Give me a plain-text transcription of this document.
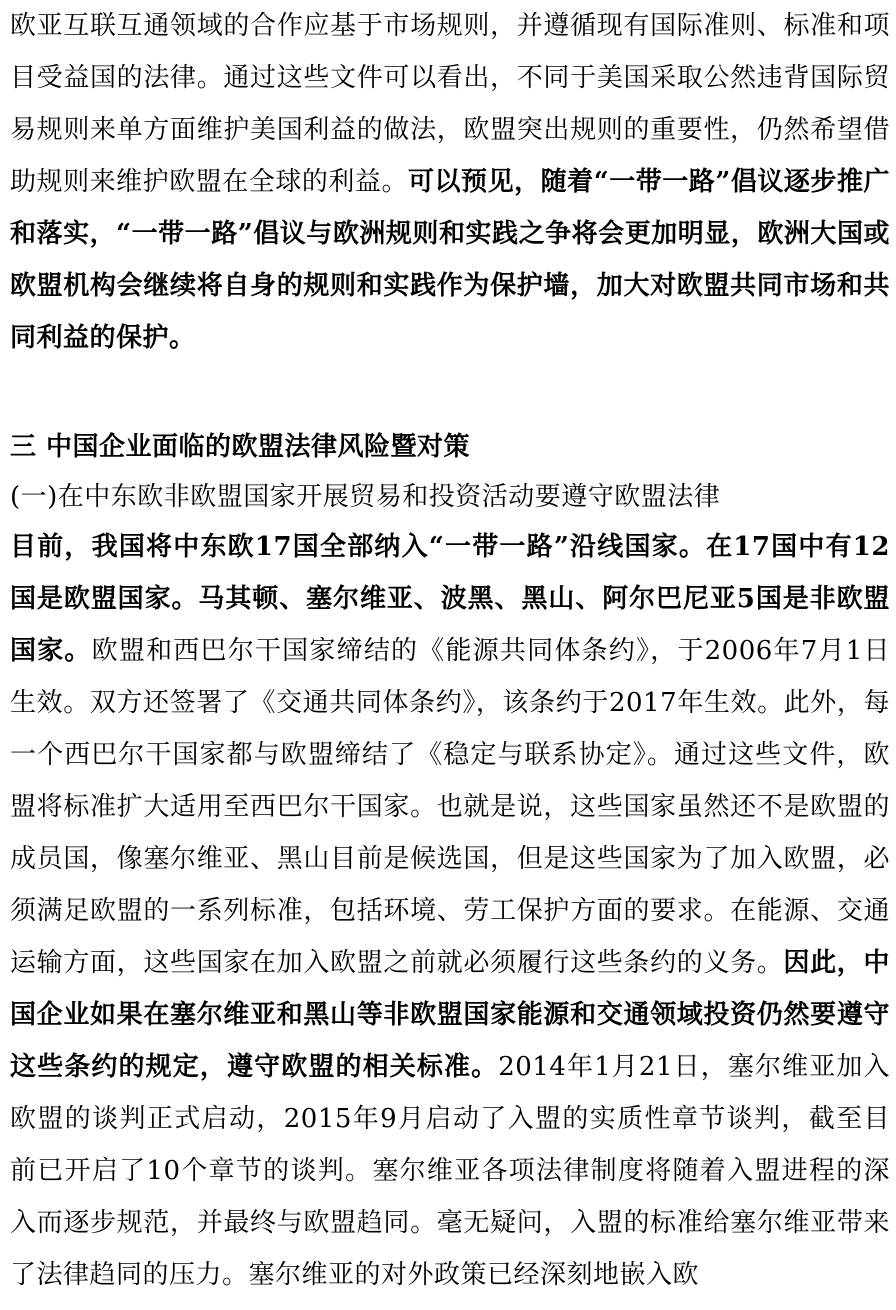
欧亚互联互通领域的合作应基于市场规则，并遵循现有国际准则、标准和项目受益国的法律。通过这些文件可以看出，不同于美国采取公然违背国际贸易规则来单方面维护美国利益的做法，欧盟突出规则的重要性，仍然希望借助规则来维护欧盟在全球的利益。可以预见，随着“一带一路”倡议逐步推广和落实，“一带一路”倡议与欧洲规则和实践之争将会更加明显，欧洲大国或欧盟机构会继续将自身的规则和实践作为保护墙，加大对欧盟共同市场和共同利益的保护。

三 中国企业面临的欧盟法律风险暨对策
(一)在中东欧非欧盟国家开展贸易和投资活动要遵守欧盟法律

目前，我国将中东欧17国全部纳入“一带一路”沿线国家。在17国中有12国是欧盟国家。马其顿、塞尔维亚、波黑、黑山、阿尔巴尼亚5国是非欧盟国家。欧盟和西巴尔干国家缔结的《能源共同体条约》，于2006年7月1日生效。双方还签署了《交通共同体条约》，该条约于2017年生效。此外，每一个西巴尔干国家都与欧盟缔结了《稳定与联系协定》。通过这些文件，欧盟将标准扩大适用至西巴尔干国家。也就是说，这些国家虽然还不是欧盟的成员国，像塞尔维亚、黑山目前是候选国，但是这些国家为了加入欧盟，必须满足欧盟的一系列标准，包括环境、劳工保护方面的要求。在能源、交通运输方面，这些国家在加入欧盟之前就必须履行这些条约的义务。因此，中国企业如果在塞尔维亚和黑山等非欧盟国家能源和交通领域投资仍然要遵守这些条约的规定，遵守欧盟的相关标准。2014年1月21日，塞尔维亚加入欧盟的谈判正式启动，2015年9月启动了入盟的实质性章节谈判，截至目前已开启了10个章节的谈判。塞尔维亚各项法律制度将随着入盟进程的深入而逐步规范，并最终与欧盟趋同。毫无疑问，入盟的标准给塞尔维亚带来了法律趋同的压力。塞尔维亚的对外政策已经深刻地嵌入欧
